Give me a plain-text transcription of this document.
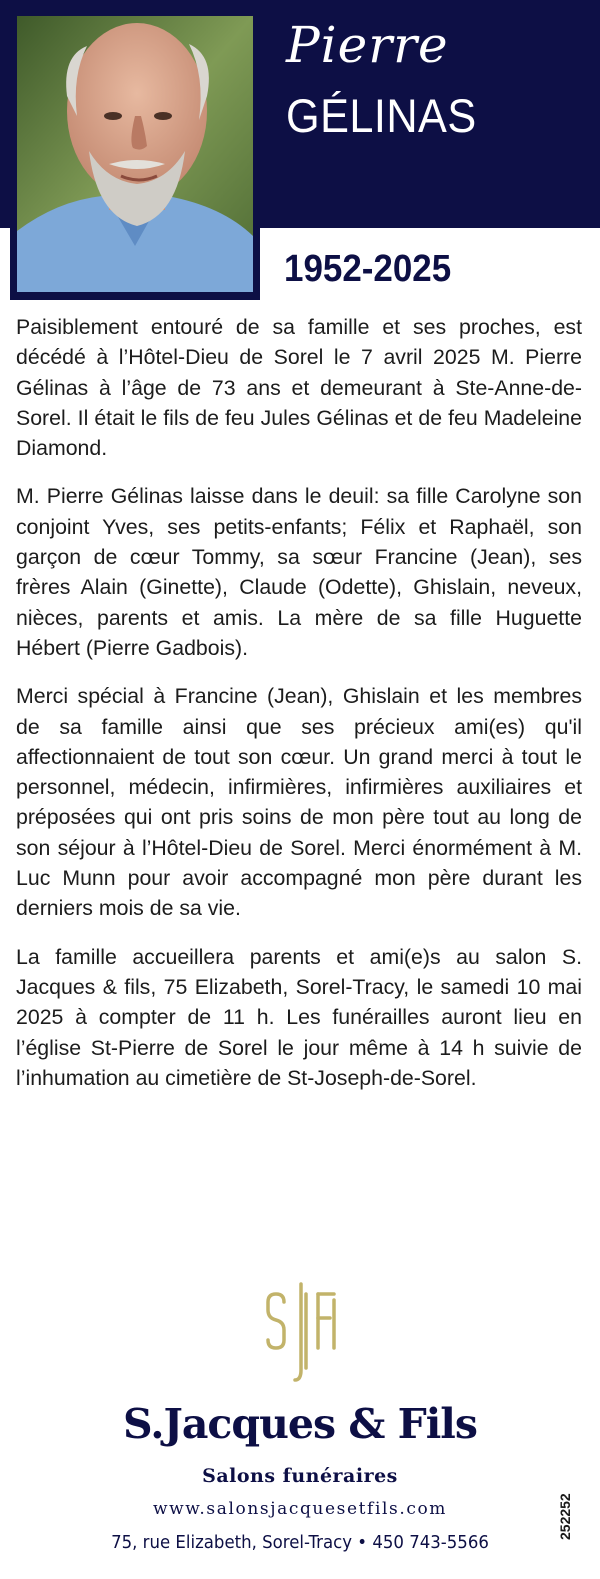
Pierre
GÉLINAS
1952-2025

Paisiblement entouré de sa famille et ses proches, est décédé à l’Hôtel-Dieu de Sorel le 7 avril 2025 M. Pierre Gélinas à l’âge de 73 ans et demeurant à Ste-Anne-de-Sorel. Il était le fils de feu Jules Gélinas et de feu Madeleine Diamond.

M. Pierre Gélinas laisse dans le deuil: sa fille Carolyne son conjoint Yves, ses petits-enfants; Félix et Raphaël, son garçon de cœur Tommy, sa sœur Francine (Jean), ses frères Alain (Ginette), Claude (Odette), Ghislain, neveux, nièces, parents et amis. La mère de sa fille Huguette Hébert (Pierre Gadbois).

Merci spécial à Francine (Jean), Ghislain et les membres de sa famille ainsi que ses précieux ami(es) qu'il affectionnaient de tout son cœur. Un grand merci à tout le personnel, médecin, infirmières, infirmières auxiliaires et préposées qui ont pris soins de mon père tout au long de son séjour à l’Hôtel-Dieu de Sorel. Merci énormément à M. Luc Munn pour avoir accompagné mon père durant les derniers mois de sa vie.

La famille accueillera parents et ami(e)s au salon S. Jacques & fils, 75 Elizabeth, Sorel-Tracy, le samedi 10 mai 2025 à compter de 11 h. Les funérailles auront lieu en l’église St-Pierre de Sorel le jour même à 14 h suivie de l’inhumation au cimetière de St-Joseph-de-Sorel.

S.Jacques & Fils
Salons funéraires
www.salonsjacquesetfils.com
75, rue Elizabeth, Sorel-Tracy • 450 743-5566
252252
